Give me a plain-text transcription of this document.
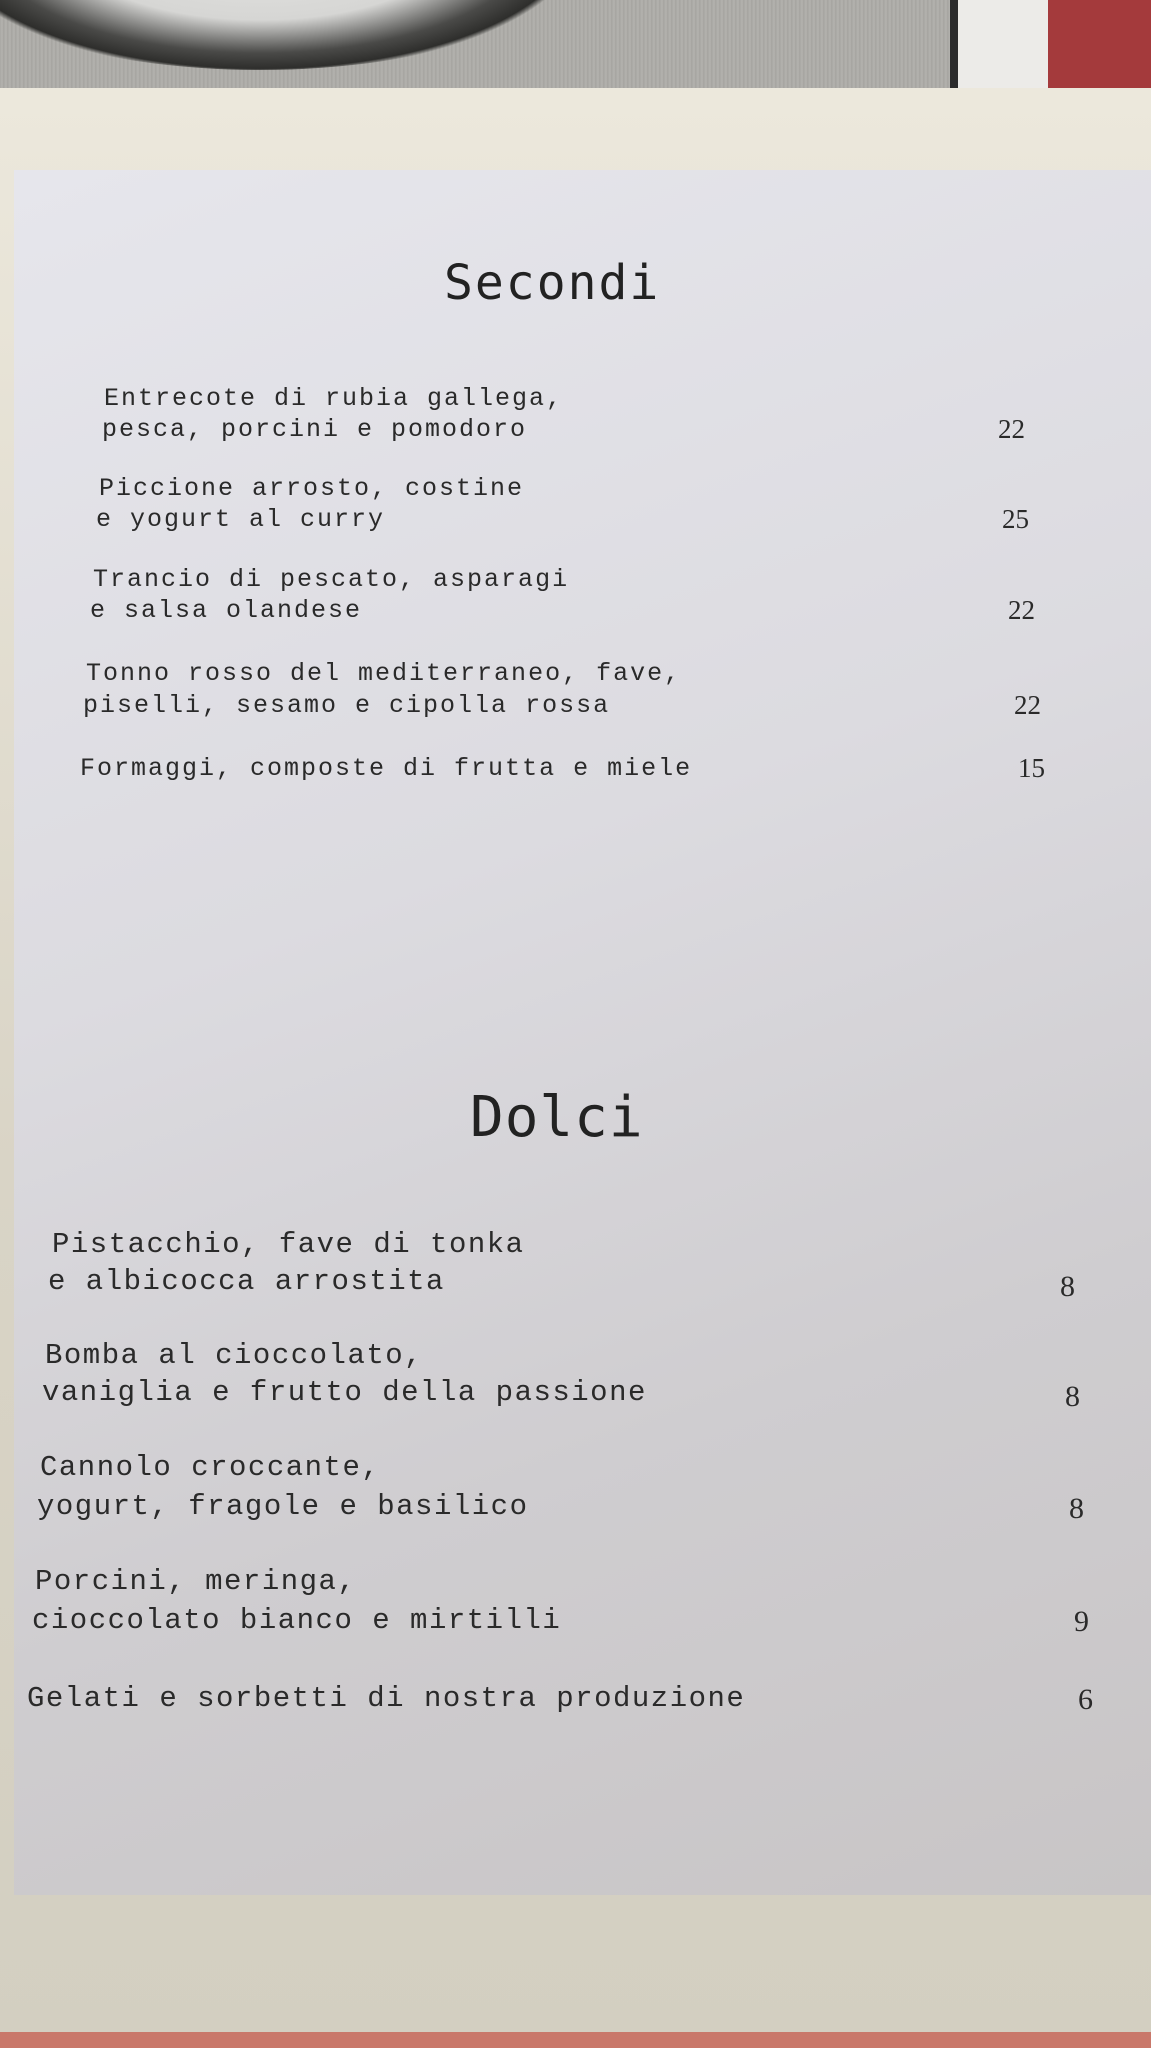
Secondi
Entrecote di rubia gallega,
pesca, porcini e pomodoro	22
Piccione arrosto, costine
e yogurt al curry	25
Trancio di pescato, asparagi
e salsa olandese	22
Tonno rosso del mediterraneo, fave,
piselli, sesamo e cipolla rossa	22
Formaggi, composte di frutta e miele	15
Dolci
Pistacchio, fave di tonka
e albicocca arrostita	8
Bomba al cioccolato,
vaniglia e frutto della passione	8
Cannolo croccante,
yogurt, fragole e basilico	8
Porcini, meringa,
cioccolato bianco e mirtilli	9
Gelati e sorbetti di nostra produzione	6
